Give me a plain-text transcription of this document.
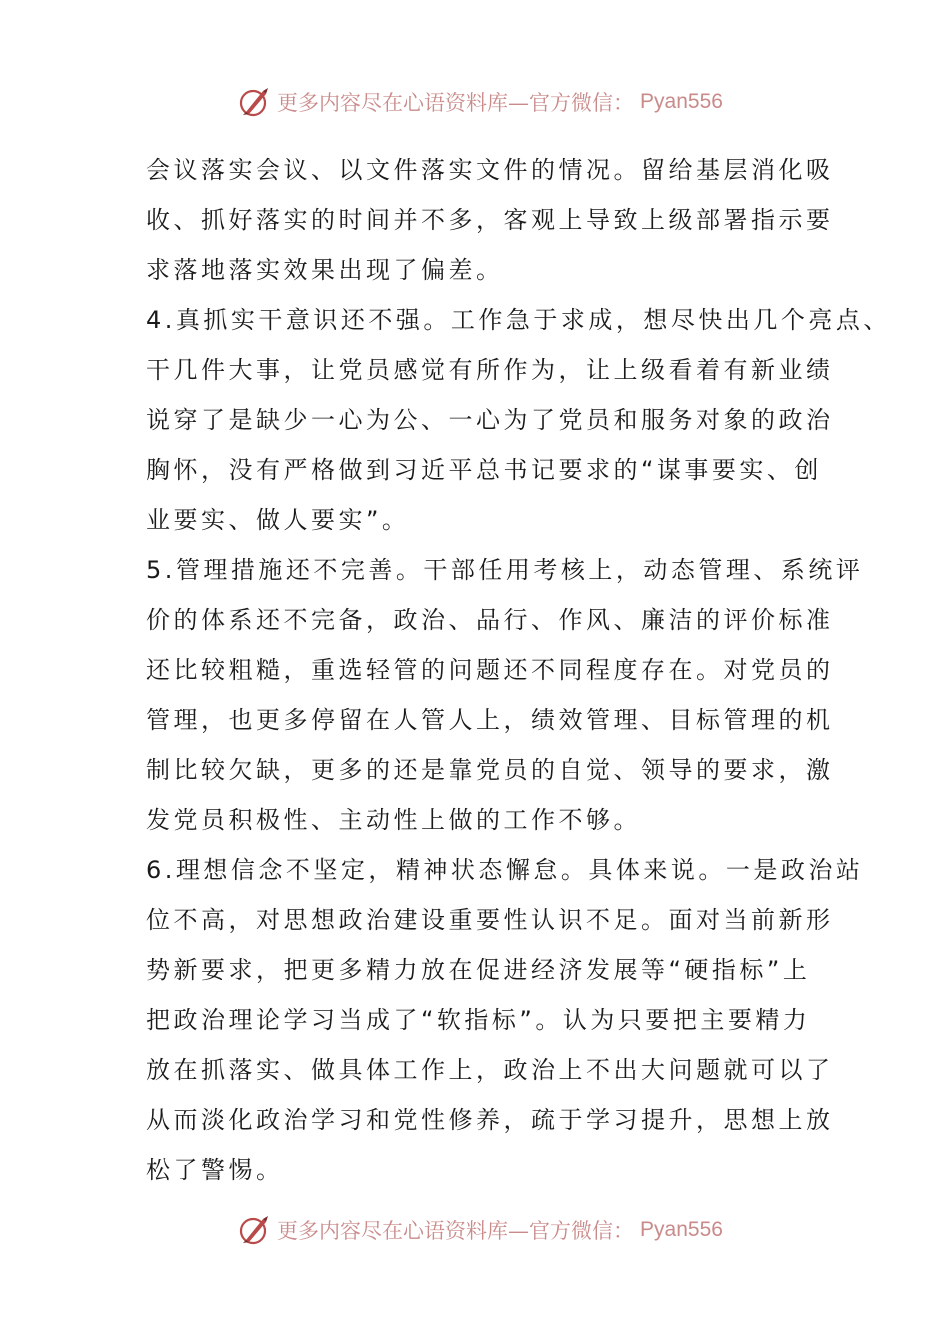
更多内容尽在心语资料库—官方微信： Pyan556
会议落实会议、以文件落实文件的情况。留给基层消化吸
收、抓好落实的时间并不多，客观上导致上级部署指示要
求落地落实效果出现了偏差。
4.真抓实干意识还不强。工作急于求成，想尽快出几个亮点、
干几件大事，让党员感觉有所作为，让上级看着有新业绩
说穿了是缺少一心为公、一心为了党员和服务对象的政治
胸怀，没有严格做到习近平总书记要求的“谋事要实、创
业要实、做人要实”。
5.管理措施还不完善。干部任用考核上，动态管理、系统评
价的体系还不完备，政治、品行、作风、廉洁的评价标准
还比较粗糙，重选轻管的问题还不同程度存在。对党员的
管理，也更多停留在人管人上，绩效管理、目标管理的机
制比较欠缺，更多的还是靠党员的自觉、领导的要求，激
发党员积极性、主动性上做的工作不够。
6.理想信念不坚定，精神状态懈怠。具体来说。一是政治站
位不高，对思想政治建设重要性认识不足。面对当前新形
势新要求，把更多精力放在促进经济发展等“硬指标”上
把政治理论学习当成了“软指标”。认为只要把主要精力
放在抓落实、做具体工作上，政治上不出大问题就可以了
从而淡化政治学习和党性修养，疏于学习提升，思想上放
松了警惕。
更多内容尽在心语资料库—官方微信： Pyan556
